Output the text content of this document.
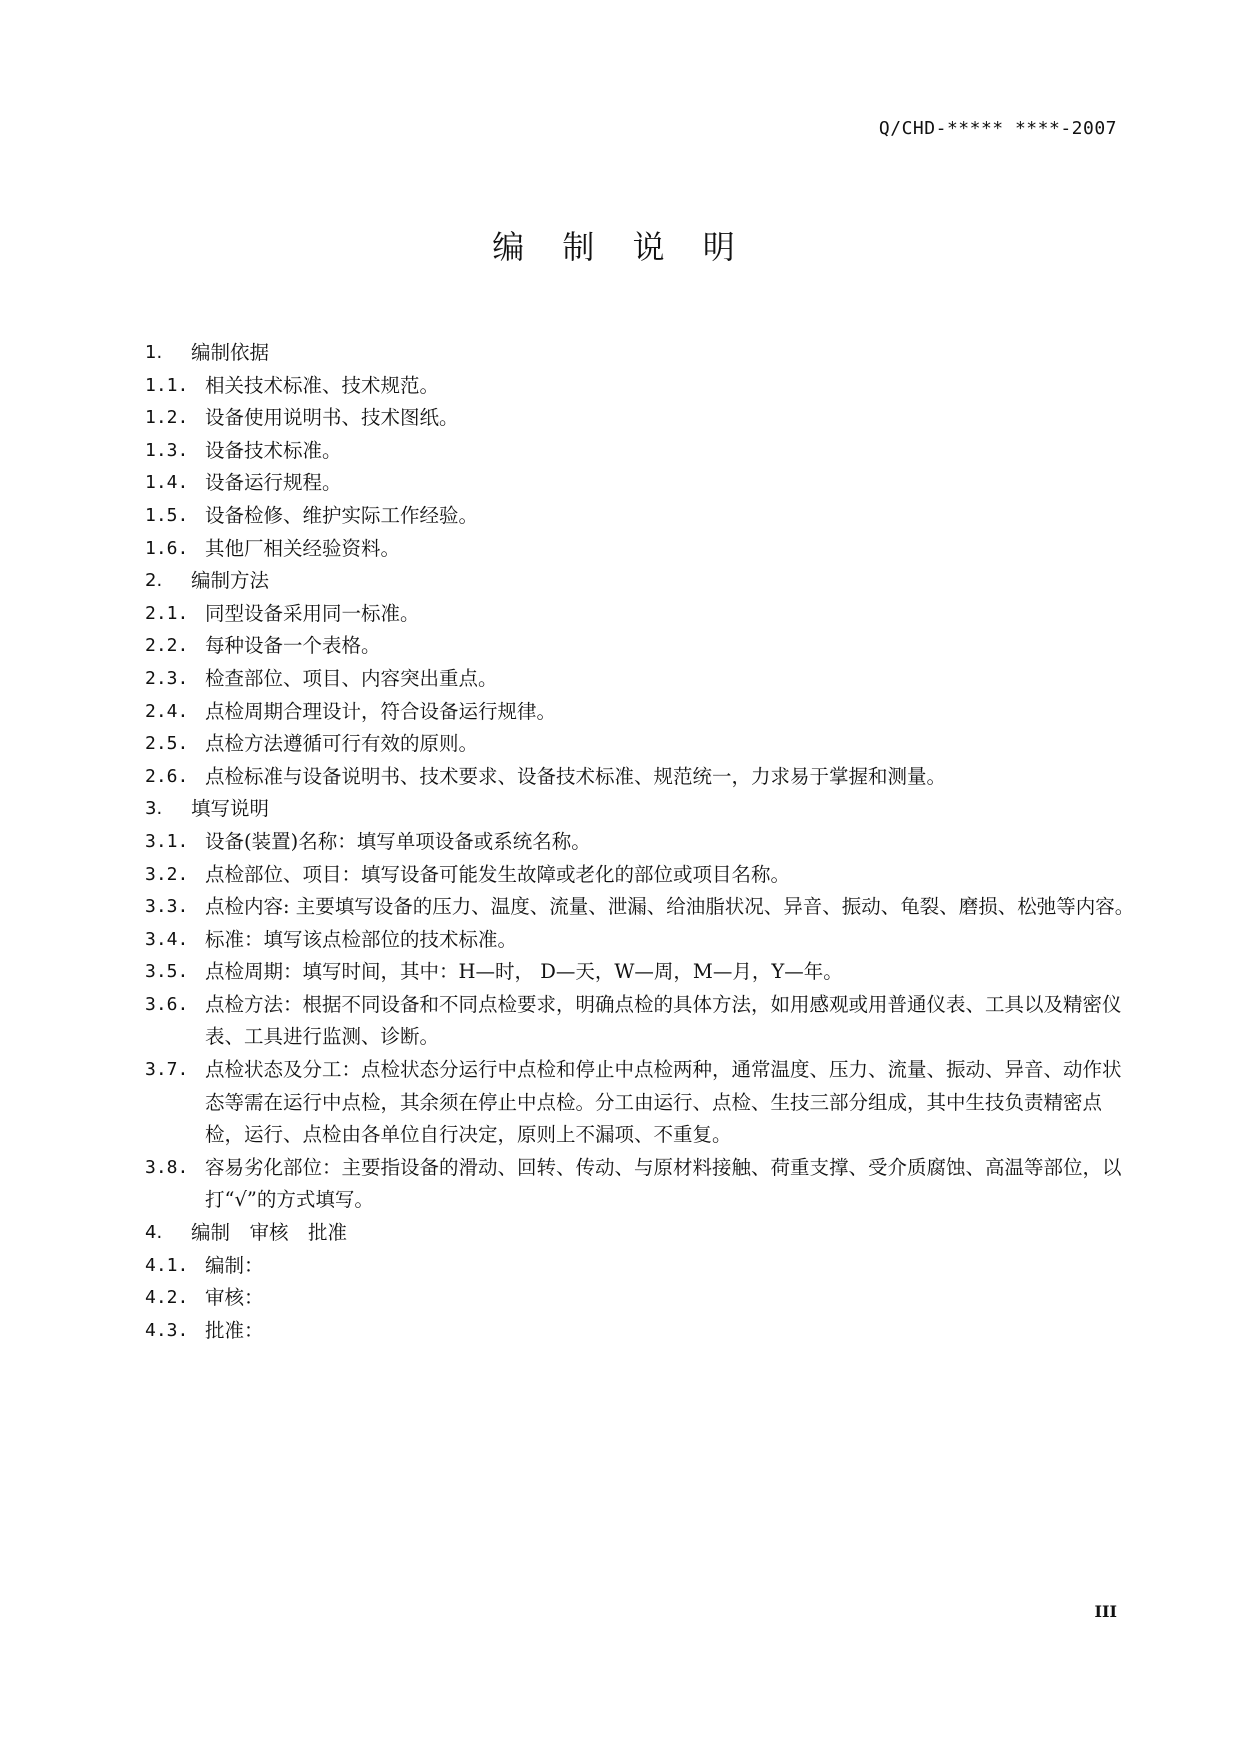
Q/CHD-***** ****-2007
编 制 说 明
1.	编制依据
1.1. 相关技术标准、技术规范。
1.2. 设备使用说明书、技术图纸。
1.3. 设备技术标准。
1.4. 设备运行规程。
1.5. 设备检修、维护实际工作经验。
1.6. 其他厂相关经验资料。
2.	编制方法
2.1. 同型设备采用同一标准。
2.2. 每种设备一个表格。
2.3. 检查部位、项目、内容突出重点。
2.4. 点检周期合理设计，符合设备运行规律。
2.5. 点检方法遵循可行有效的原则。
2.6. 点检标准与设备说明书、技术要求、设备技术标准、规范统一，力求易于掌握和测量。
3.	填写说明
3.1. 设备(装置)名称：填写单项设备或系统名称。
3.2. 点检部位、项目：填写设备可能发生故障或老化的部位或项目名称。
3.3. 点检内容: 主要填写设备的压力、温度、流量、泄漏、给油脂状况、异音、振动、龟裂、磨损、松弛等内容。
3.4. 标准：填写该点检部位的技术标准。
3.5. 点检周期：填写时间，其中：H—时， D—天，W—周，M—月，Y—年。
3.6. 点检方法：根据不同设备和不同点检要求，明确点检的具体方法，如用感观或用普通仪表、工具以及精密仪表、工具进行监测、诊断。
3.7. 点检状态及分工：点检状态分运行中点检和停止中点检两种，通常温度、压力、流量、振动、异音、动作状态等需在运行中点检，其余须在停止中点检。分工由运行、点检、生技三部分组成，其中生技负责精密点检，运行、点检由各单位自行决定，原则上不漏项、不重复。
3.8. 容易劣化部位：主要指设备的滑动、回转、传动、与原材料接触、荷重支撑、受介质腐蚀、高温等部位，以打“√”的方式填写。
4.	编制　审核　批准
4.1. 编制：
4.2. 审核：
4.3. 批准：
III
